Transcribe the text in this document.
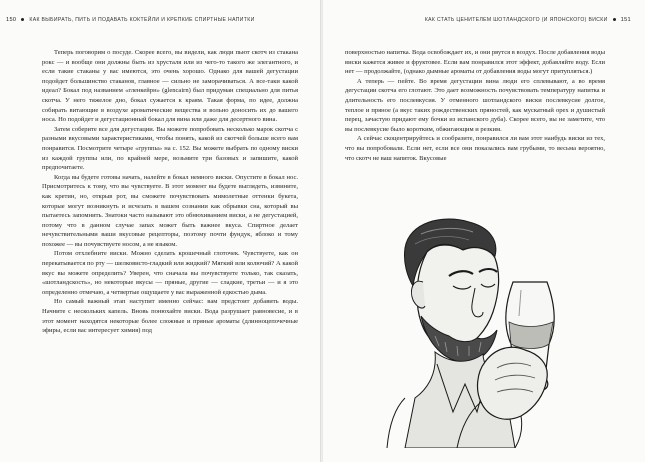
150	КАК ВЫБИРАТЬ, ПИТЬ И ПОДАВАТЬ КОКТЕЙЛИ И КРЕПКИЕ СПИРТНЫЕ НАПИТКИ

Теперь поговорим о посуде. Скорее всего, вы видели, как люди пьют скотч из стакана рокс — и вообще они должны быть из хрусталя или из чего-то такого же элегантного, и если такие стаканы у вас имеются, это очень хорошо. Однако для вашей дегустации подойдет большинство стаканов, главное — сильно не заморачиваться. А все-таки какой идеал? Бокал под названием «гленкейрн» (glencairn) был придуман специально для питья скотча. У него тяжелое дно, бокал сужается к краям. Такая форма, по идее, должна собирать витающие в воздухе ароматические вещества и вольно доносить их до вашего носа. Но подойдет и дегустационный бокал для вина или даже для десертного вина.

Затем соберите все для дегустации. Вы можете попробовать несколько марок скотча с разными вкусовыми характеристиками, чтобы понять, какой из скотчей больше всего вам понравится. Посмотрите четыре «группы» на с. 152. Вы можете выбрать по одному виски из каждой группы или, по крайней мере, возьмите три базовых и запишите, какой предпочитаете.

Когда вы будете готовы начать, налейте в бокал немного виски. Опустите в бокал нос. Присмотритесь к тому, что вы чувствуете. В этот момент вы будете выглядеть, извините, как кретин, но, открыв рот, вы сможете почувствовать мимолетные оттенки букета, которые могут возникнуть и исчезать в вашем сознании как обрывки сна, который вы пытаетесь запомнить. Знатоки часто называют это обнюхиванием виски, а не дегустацией, потому что в данном случае запах может быть важнее вкуса. Спиртное делает нечувствительными ваши вкусовые рецепторы, поэтому почти фундук, яблоко и тому похожее — вы почувствуете носом, а не языком.

Потом отхлебните виски. Можно сделать крошечный глоточек. Чувствуете, как он перекатывается по рту — шелковисто-гладкий или жидкий? Мягкий или колючий? А какой вкус вы можете определить? Уверен, что сначала вы почувствуете только, так сказать, «шотландскость», но некоторые вкусы — пряные, другие — сладкие, третьи — и я это определенно отмечаю, а четвертые ощущаете у вас выраженной едкостью дыма.

Но самый важный этап наступит именно сейчас: вам предстоит добавить воды. Начните с нескольких капель. Вновь понюхайте виски. Вода разрушает равновесие, и в этот момент находятся некоторые более сложные и пряные ароматы (длинноцепочечные эфиры, если вас интересует химия) под

КАК СТАТЬ ЦЕНИТЕЛЕМ ШОТЛАНДСКОГО (И ЯПОНСКОГО) ВИСКИ 151

поверхностью напитка. Вода освобождает их, и они рвутся в воздух. После добавления воды виски кажется живее и фруктовее. Если вам понравился этот эффект, добавляйте воду. Если нет — продолжайте, (однако дымные ароматы от добавления воды могут притупляться.)

А теперь — пейте. Во время дегустации вина люди его сплевывают, а во время дегустации скотча его глотают. Это дает возможность почувствовать температуру напитка и длительность его послевкусия. У отменного шотландского виски послевкусие долгое, теплое и пряное (а вкус таких рождественских пряностей, как мускатный орех и душистый перец, зачастую придают ему бочки из испанского дуба). Скорее всего, вы не заметите, что вы послевкусие было коротким, обжигающим и резким.

А сейчас скоцентрируйтесь и сообразите, понравился ли вам этот наибудь виски из тех, что вы попробовали. Если нет, если все они показались вам грубыми, то весьма вероятно, что скотч не ваш напиток. Вкусовые
